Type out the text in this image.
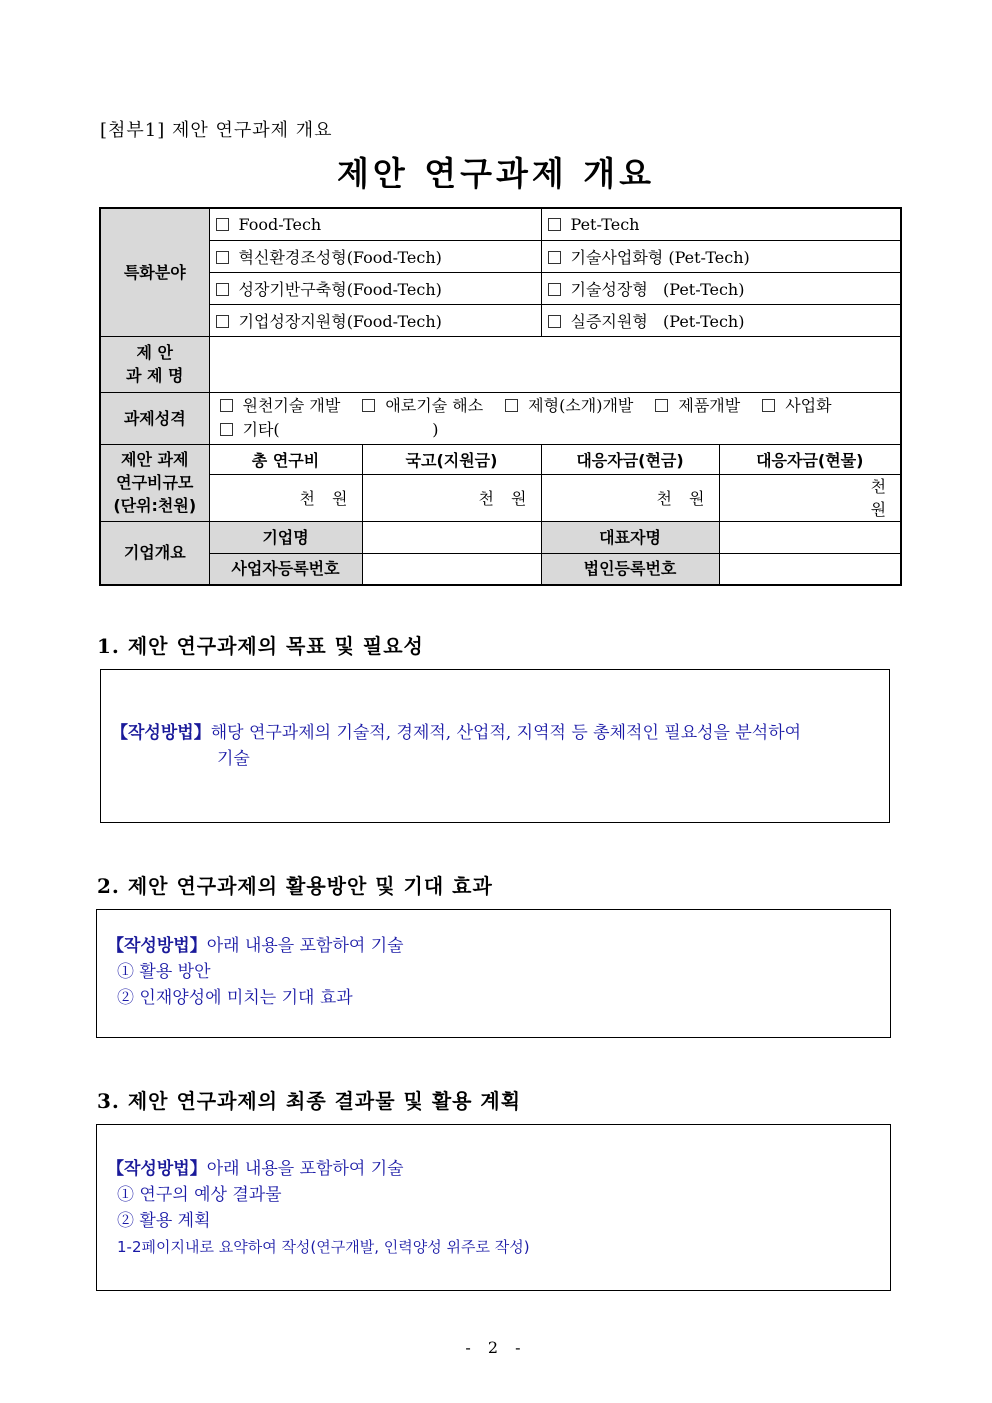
[첨부1] 제안 연구과제 개요
제안 연구과제 개요
특화분야	Food-Tech		Pet-Tech	
	혁신환경조성형(Food-Tech)		기술사업화형 (Pet-Tech)	
	성장기반구축형(Food-Tech)		기술성장형   (Pet-Tech)	
	기업성장지원형(Food-Tech)		실증지원형   (Pet-Tech)	

제 안
과 제 명				

과제성격	원천기술 개발 애로기술 해소 제형(소개)개발 제품개발 사업화
기타(                              )			

제안 과제
연구비규모
(단위:천원)	총 연구비	국고(지원금)	대응자금(현금)	대응자금(현물)
	천 원	천 원	천 원	천
원

기업개요	기업명		대표자명	
	사업자등록번호		법인등록번호	
1. 제안 연구과제의 목표 및 필요성
【작성방법】해당 연구과제의 기술적, 경제적, 산업적, 지역적 등 총체적인 필요성을 분석하여
기술
2. 제안 연구과제의 활용방안 및 기대 효과
【작성방법】아래 내용을 포함하여 기술
① 활용 방안
② 인재양성에 미치는 기대 효과
3. 제안 연구과제의 최종 결과물 및 활용 계획
【작성방법】아래 내용을 포함하여 기술
① 연구의 예상 결과물
② 활용 계획
1-2페이지내로 요약하여 작성(연구개발, 인력양성 위주로 작성)
- 2 -
